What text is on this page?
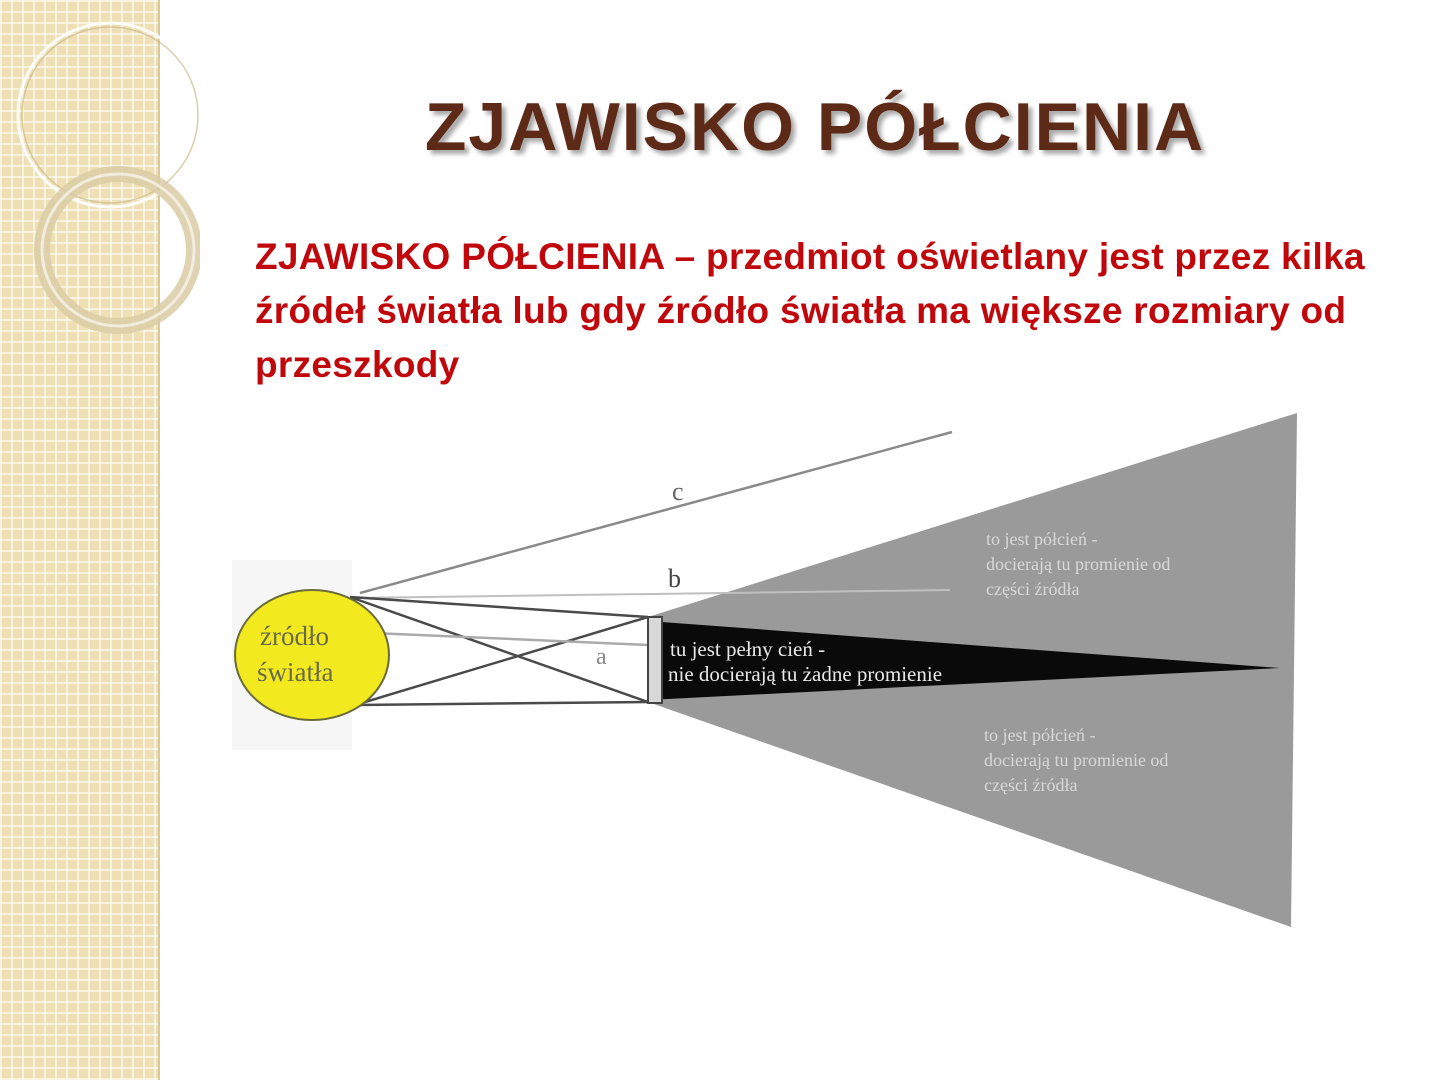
ZJAWISKO PÓŁCIENIA
ZJAWISKO PÓŁCIENIA – przedmiot oświetlany jest przez kilka źródeł światła lub gdy źródło światła ma większe rozmiary od przeszkody
źródło
światła
c
b
a	tu jest pełny cień -
nie docierają tu żadne promienie
to jest półcień -
docierają tu promienie od
części źródła
to jest półcień -
docierają tu promienie od
części źródła
